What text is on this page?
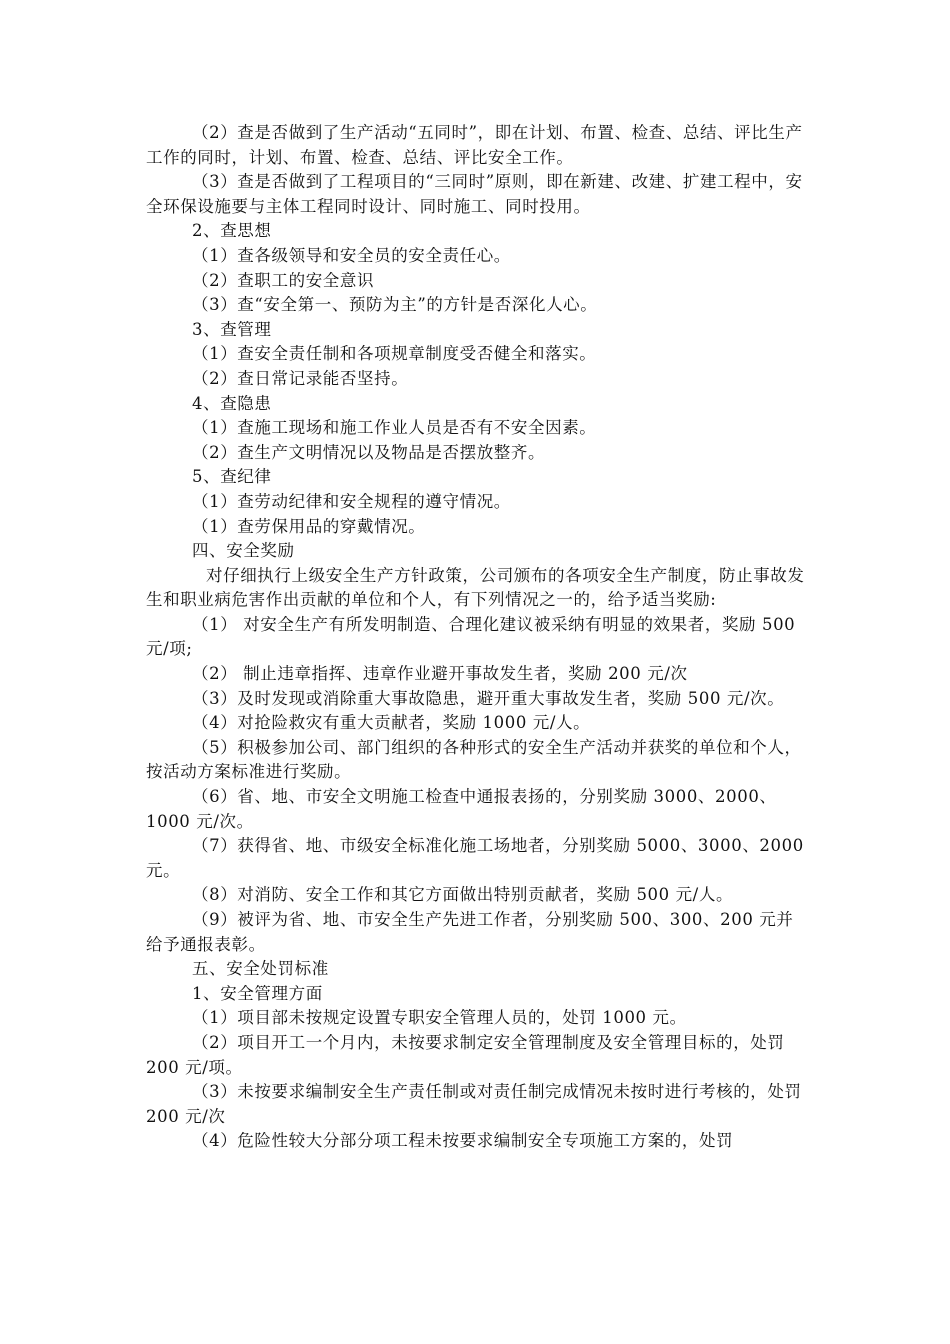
（2）查是否做到了生产活动“五同时”，即在计划、布置、检查、总结、评比生产工作的同时，计划、布置、检查、总结、评比安全工作。

（3）查是否做到了工程项目的“三同时”原则，即在新建、改建、扩建工程中，安全环保设施要与主体工程同时设计、同时施工、同时投用。

2、查思想

（1）查各级领导和安全员的安全责任心。

（2）查职工的安全意识

（3）查“安全第一、预防为主”的方针是否深化人心。

3、查管理

（1）查安全责任制和各项规章制度受否健全和落实。

（2）查日常记录能否坚持。

4、查隐患

（1）查施工现场和施工作业人员是否有不安全因素。

（2）查生产文明情况以及物品是否摆放整齐。

5、查纪律

（1）查劳动纪律和安全规程的遵守情况。

（1）查劳保用品的穿戴情况。

四、安全奖励

对仔细执行上级安全生产方针政策，公司颁布的各项安全生产制度，防止事故发生和职业病危害作出贡献的单位和个人，有下列情况之一的，给予适当奖励:

（1） 对安全生产有所发明制造、合理化建议被采纳有明显的效果者，奖励 500 元/项;

（2） 制止违章指挥、违章作业避开事故发生者，奖励 200 元/次

（3）及时发现或消除重大事故隐患，避开重大事故发生者，奖励 500 元/次。

（4）对抢险救灾有重大贡献者，奖励 1000 元/人。

（5）积极参加公司、部门组织的各种形式的安全生产活动并获奖的单位和个人，按活动方案标准进行奖励。

（6）省、地、市安全文明施工检查中通报表扬的，分别奖励 3000、2000、1000 元/次。

（7）获得省、地、市级安全标准化施工场地者，分别奖励 5000、3000、2000 元。

（8）对消防、安全工作和其它方面做出特别贡献者，奖励 500 元/人。

（9）被评为省、地、市安全生产先进工作者，分别奖励 500、300、200 元并给予通报表彰。

五、安全处罚标准

1、安全管理方面

（1）项目部未按规定设置专职安全管理人员的，处罚 1000 元。

（2）项目开工一个月内，未按要求制定安全管理制度及安全管理目标的，处罚 200 元/项。

（3）未按要求编制安全生产责任制或对责任制完成情况未按时进行考核的，处罚 200 元/次

（4）危险性较大分部分项工程未按要求编制安全专项施工方案的，处罚
